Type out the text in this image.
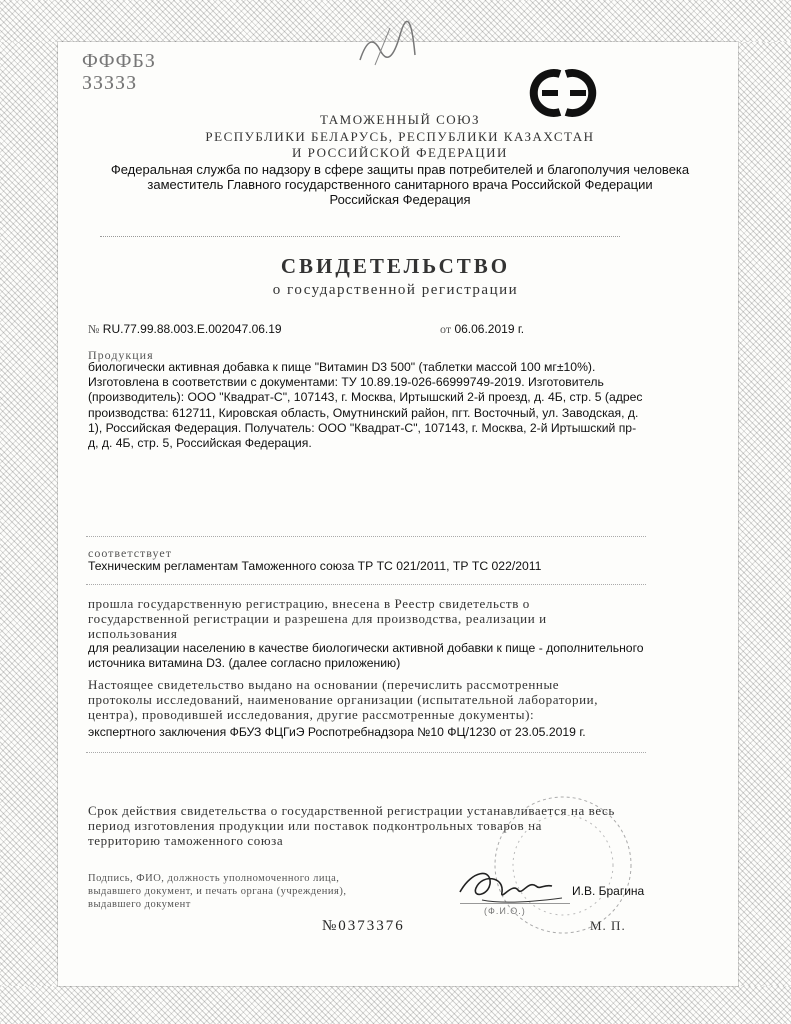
ФФФБЗ
ЗЗЗЗЗ
ТАМОЖЕННЫЙ СОЮЗ
РЕСПУБЛИКИ БЕЛАРУСЬ, РЕСПУБЛИКИ КАЗАХСТАН
И РОССИЙСКОЙ ФЕДЕРАЦИИ
Федеральная служба по надзору в сфере защиты прав потребителей и благополучия человека
заместитель Главного государственного санитарного врача Российской Федерации
Российская Федерация
СВИДЕТЕЛЬСТВО
о государственной регистрации
№ RU.77.99.88.003.Е.002047.06.19	от 06.06.2019 г.
Продукция
биологически активная добавка к пище "Витамин D3 500" (таблетки массой 100 мг±10%).
Изготовлена в соответствии с документами: ТУ 10.89.19-026-66999749-2019. Изготовитель
(производитель): ООО "Квадрат-С", 107143, г. Москва, Иртышский 2-й проезд, д. 4Б, стр. 5 (адрес
производства: 612711, Кировская область, Омутнинский район, пгт. Восточный, ул. Заводская, д.
1), Российская Федерация. Получатель: ООО "Квадрат-С", 107143, г. Москва, 2-й Иртышский пр-
д, д. 4Б, стр. 5, Российская Федерация.
соответствует
Техническим регламентам Таможенного союза ТР ТС 021/2011, ТР ТС 022/2011
прошла государственную регистрацию, внесена в Реестр свидетельств о
государственной регистрации и разрешена для производства, реализации и
использования
для реализации населению в качестве биологически активной добавки к пище - дополнительного
источника витамина D3. (далее согласно приложению)
Настоящее свидетельство выдано на основании (перечислить рассмотренные
протоколы исследований, наименование организации (испытательной лаборатории,
центра), проводившей исследования, другие рассмотренные документы):
экспертного заключения ФБУЗ ФЦГиЭ Роспотребнадзора №10 ФЦ/1230 от 23.05.2019 г.
Срок действия свидетельства о государственной регистрации устанавливается на весь
период изготовления продукции или поставок подконтрольных товаров на
территорию таможенного союза
Подпись, ФИО, должность уполномоченного лица,
выдавшего документ, и печать органа (учреждения),
выдавшего документ
И.В. Брагина
(Ф.И.О.)
№0373376	М. П.
